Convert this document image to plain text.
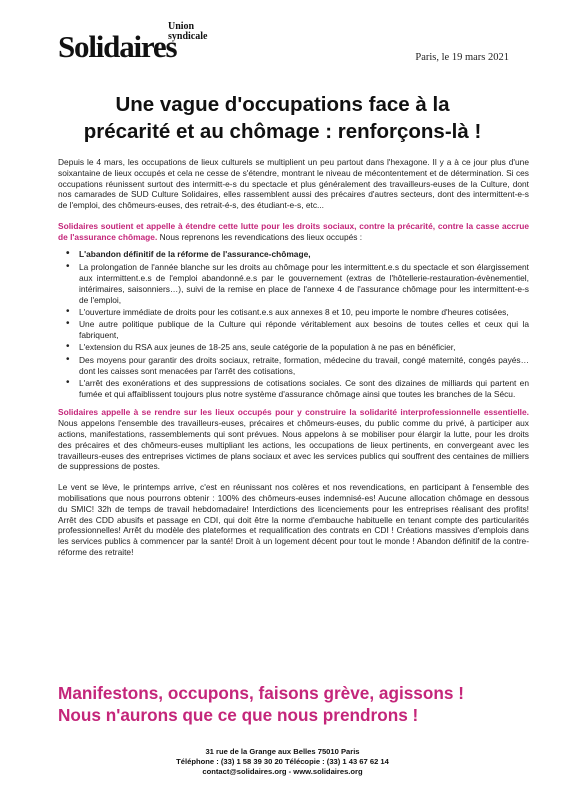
Union
syndicale
Solidaires	Paris, le 19 mars 2021
Une vague d'occupations face à la
précarité et au chômage : renforçons-là !

Depuis le 4 mars, les occupations de lieux culturels se multiplient un peu partout dans l'hexagone. Il y a à ce jour plus d'une soixantaine de lieux occupés et cela ne cesse de s'étendre, montrant le niveau de mécontentement et de détermination. Si ces occupations réunissent surtout des intermitt-e-s du spectacle et plus généralement des travailleurs-euses de la Culture, dont nos camarades de SUD Culture Solidaires, elles rassemblent aussi des précaires d'autres secteurs, dont des intermittent-e-s de l'emploi, des chômeurs-euses, des retrait-é-s, des étudiant-e-s, etc...

Solidaires soutient et appelle à étendre cette lutte pour les droits sociaux, contre la précarité, contre la casse accrue de l'assurance chômage. Nous reprenons les revendications des lieux occupés :

• L'abandon définitif de la réforme de l'assurance-chômage,
• La prolongation de l'année blanche sur les droits au chômage pour les intermittent.e.s du spectacle et son élargissement aux intermittent.e.s de l'emploi abandonné.e.s par le gouvernement (extras de l'hôtellerie-restauration-évènementiel, intérimaires, saisonniers…), suivi de la remise en place de l'annexe 4 de l'assurance chômage pour les intermittent-e-s de l'emploi,
• L'ouverture immédiate de droits pour les cotisant.e.s aux annexes 8 et 10, peu importe le nombre d'heures cotisées,
• Une autre politique publique de la Culture qui réponde véritablement aux besoins de toutes celles et ceux qui la fabriquent,
• L'extension du RSA aux jeunes de 18-25 ans, seule catégorie de la population à ne pas en bénéficier,
• Des moyens pour garantir des droits sociaux, retraite, formation, médecine du travail, congé maternité, congés payés… dont les caisses sont menacées par l'arrêt des cotisations,
• L'arrêt des exonérations et des suppressions de cotisations sociales. Ce sont des dizaines de milliards qui partent en fumée et qui affaiblissent toujours plus notre système d'assurance chômage ainsi que toutes les branches de la Sécu.

Solidaires appelle à se rendre sur les lieux occupés pour y construire la solidarité interprofessionnelle essentielle. Nous appelons l'ensemble des travailleurs-euses, précaires et chômeurs-euses, du public comme du privé, à participer aux actions, manifestations, rassemblements qui sont prévues. Nous appelons à se mobiliser pour élargir la lutte, pour les droits des précaires et des chômeurs-euses multipliant les actions, les occupations de lieux pertinents, en convergeant avec les travailleurs-euses des entreprises victimes de plans sociaux et avec les services publics qui souffrent des centaines de milliers de suppressions de postes.

Le vent se lève, le printemps arrive, c'est en réunissant nos colères et nos revendications, en participant à l'ensemble des mobilisations que nous pourrons obtenir : 100% des chômeurs-euses indemnisé-es! Aucune allocation chômage en dessous du SMIC! 32h de temps de travail hebdomadaire! Interdictions des licenciements pour les entreprises réalisant des profits! Arrêt des CDD abusifs et passage en CDI, qui doit être la norme d'embauche habituelle en tenant compte des particularités professionnelles! Arrêt du modèle des plateformes et requalification des contrats en CDI ! Créations massives d'emplois dans les services publics à commencer par la santé! Droit à un logement décent pour tout le monde ! Abandon définitif de la contre-réforme des retraite!

Manifestons, occupons, faisons grève, agissons !
Nous n'aurons que ce que nous prendrons !
31 rue de la Grange aux Belles 75010 Paris
Téléphone : (33) 1 58 39 30 20 Télécopie : (33) 1 43 67 62 14
contact@solidaires.org - www.solidaires.org
